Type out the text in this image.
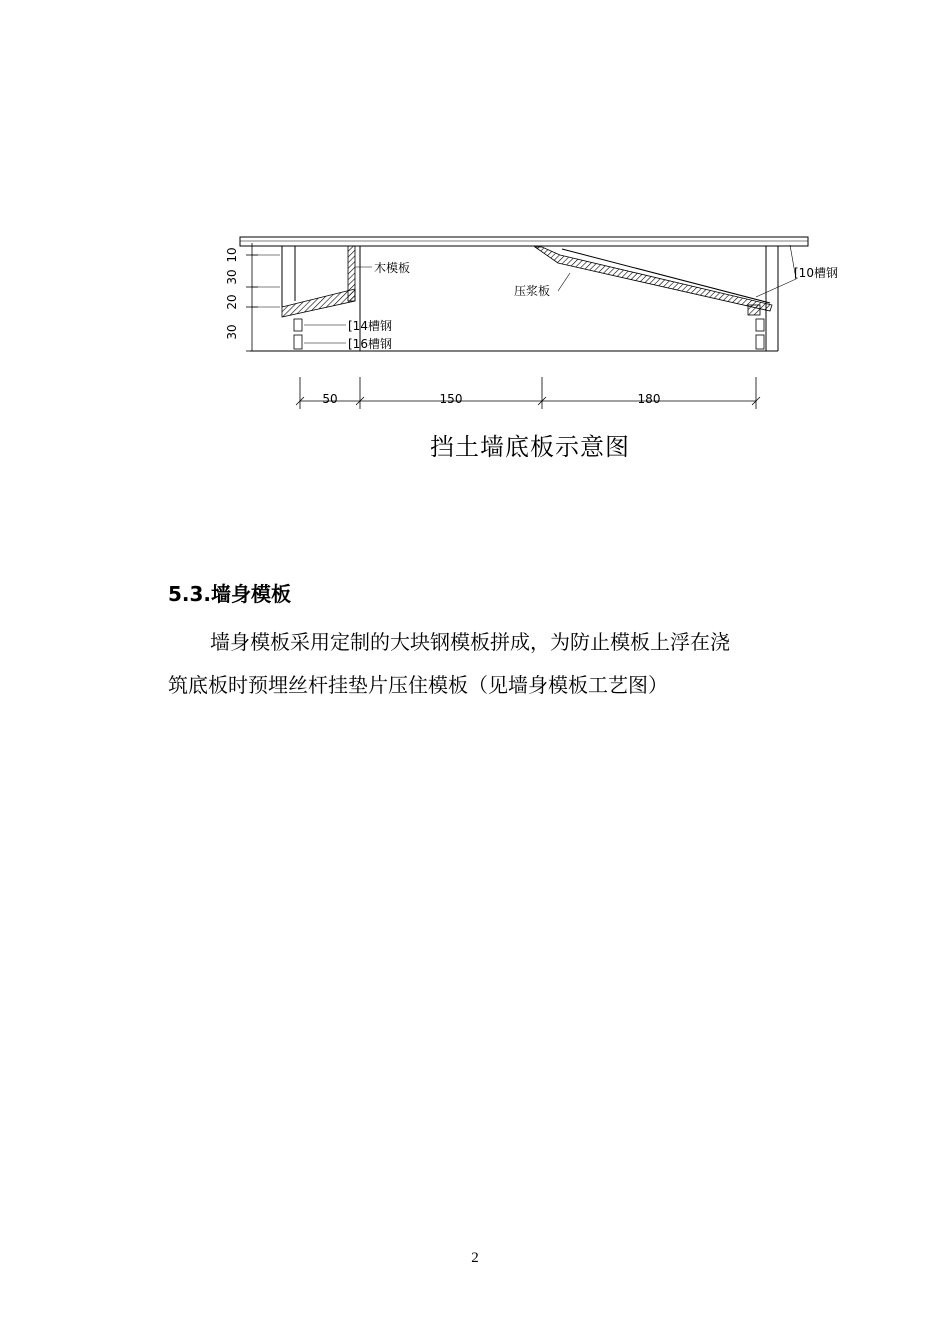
10
30
20
30
木模板
[14槽钢
[16槽钢
压浆板
[10槽钢
50	150	180
挡土墙底板示意图
5.3.墙身模板
墙身模板采用定制的大块钢模板拼成，为防止模板上浮在浇
筑底板时预埋丝杆挂垫片压住模板（见墙身模板工艺图）
2
